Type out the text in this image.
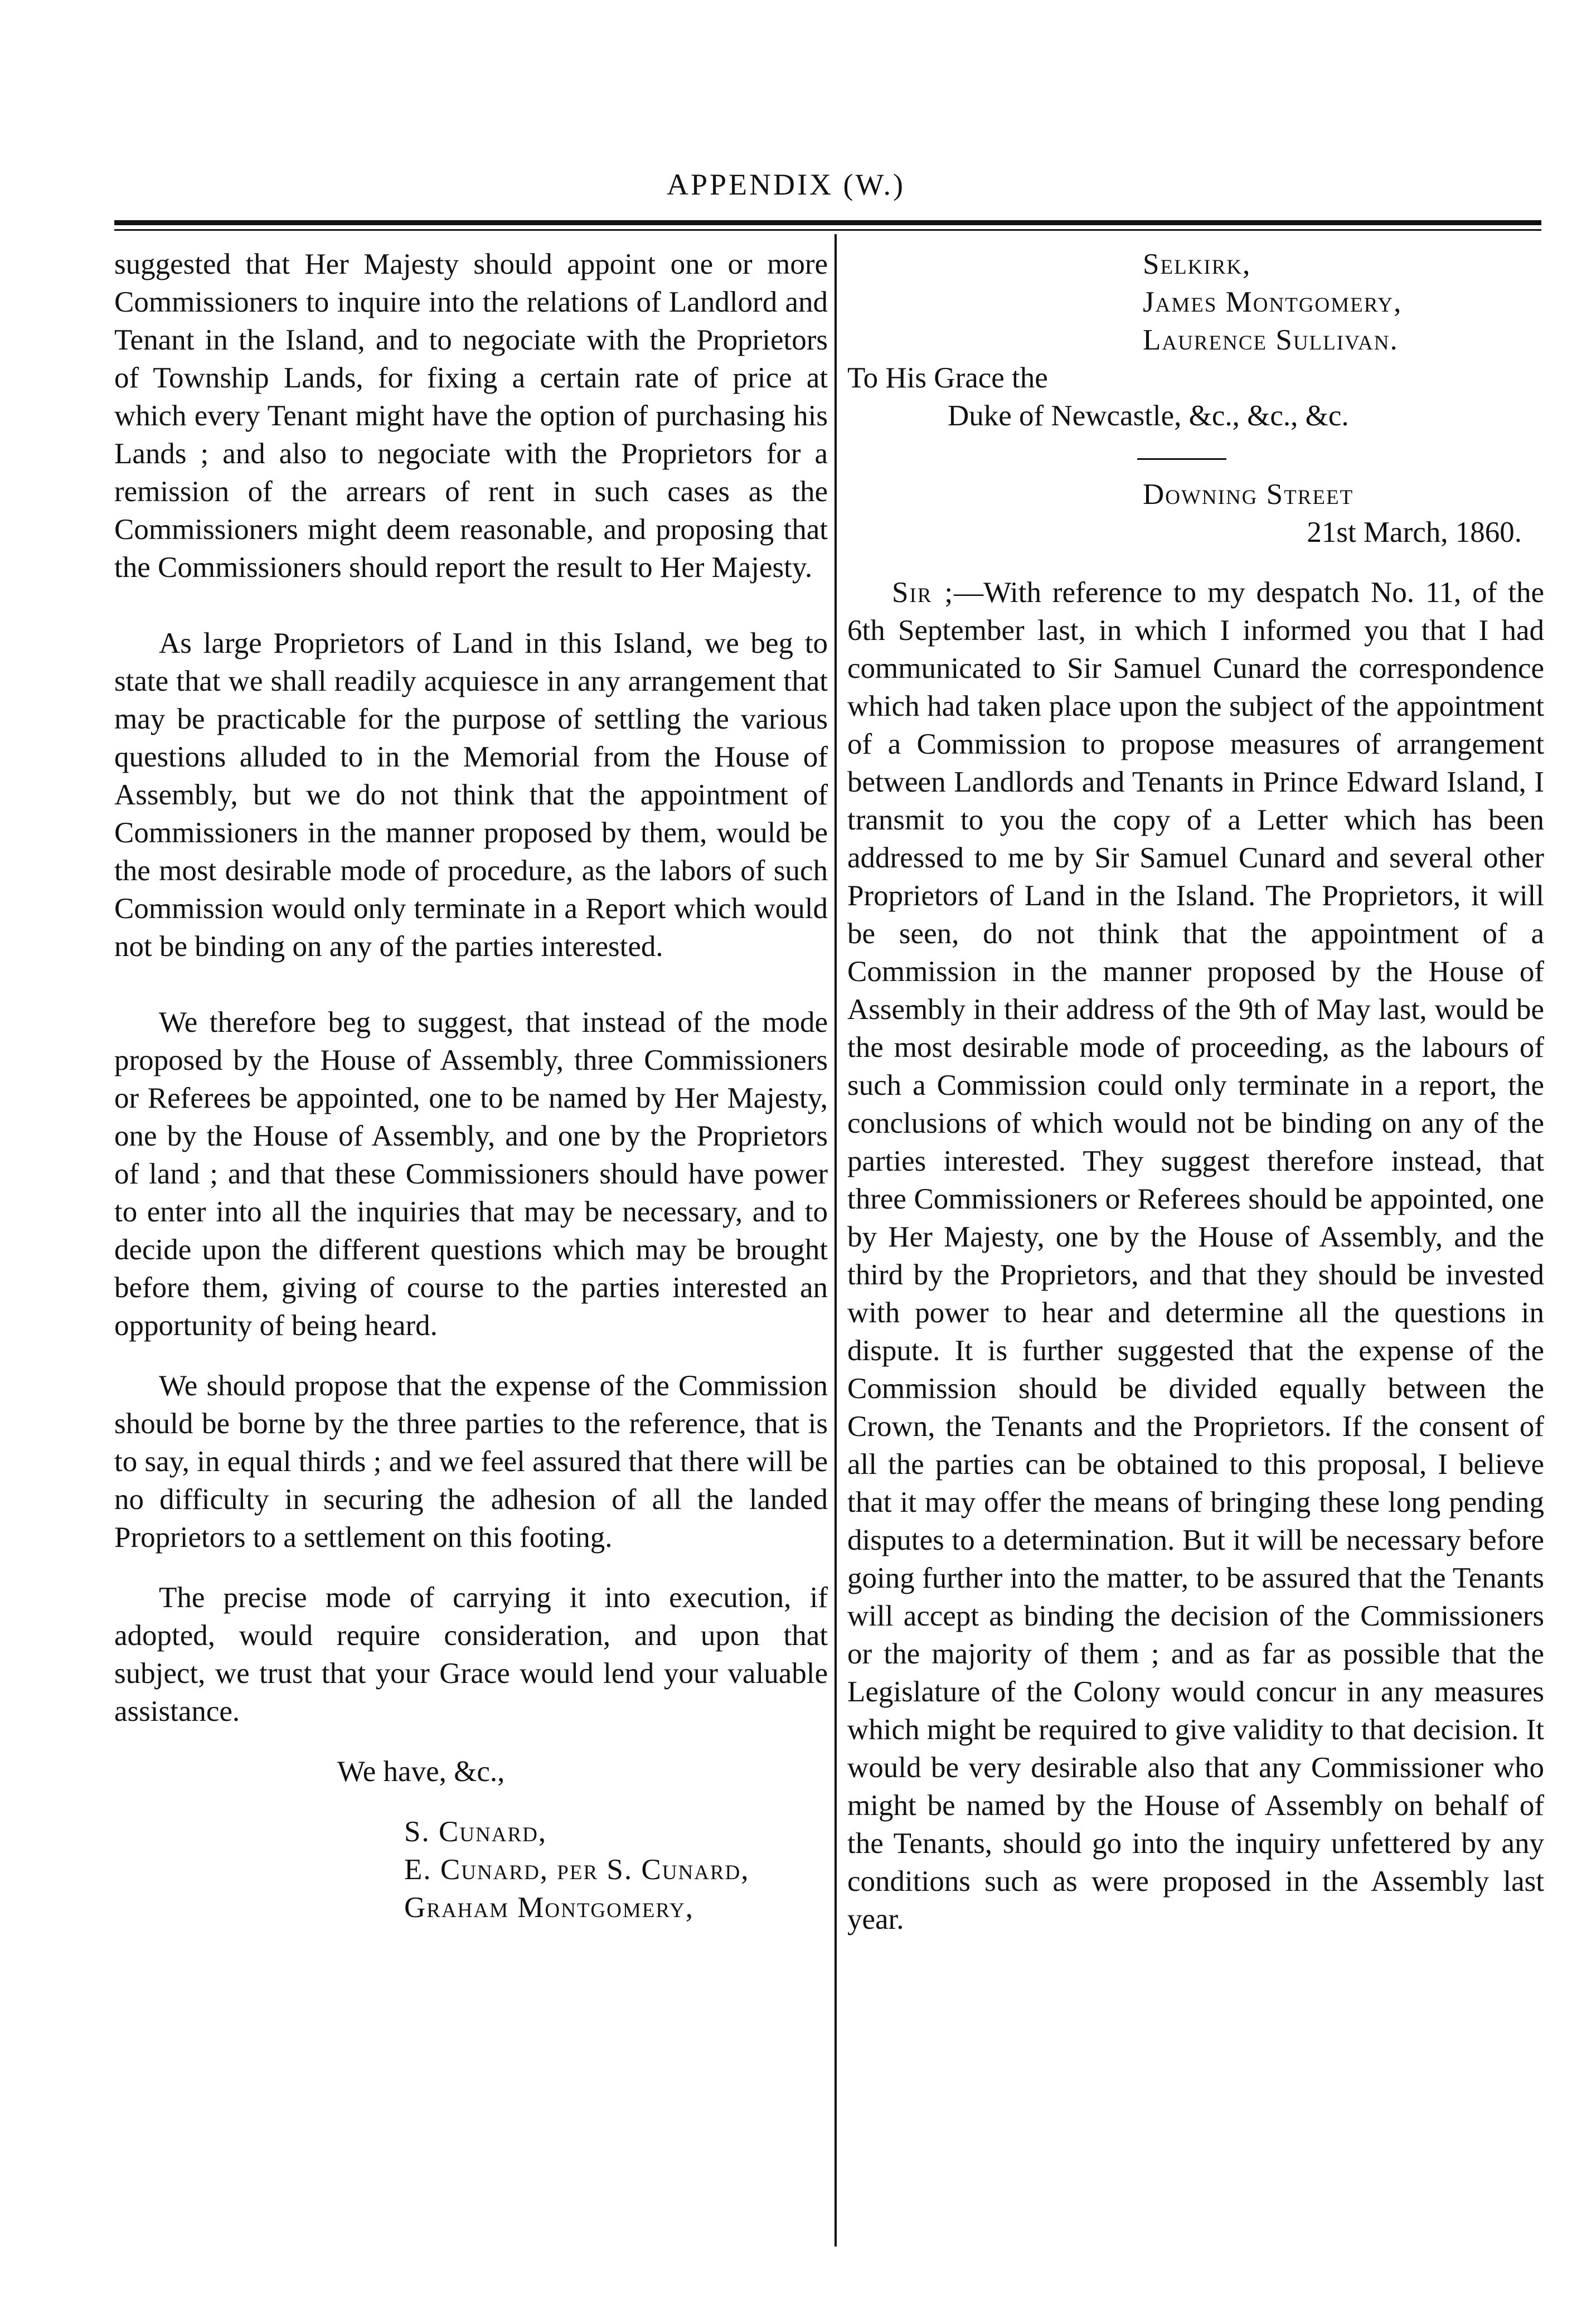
APPENDIX (W.)

suggested that Her Majesty should appoint one or more Commissioners to inquire into the relations of Landlord and Tenant in the Island, and to negociate with the Proprietors of Township Lands, for fixing a certain rate of price at which every Tenant might have the option of purchasing his Lands ; and also to negociate with the Proprietors for a remission of the arrears of rent in such cases as the Commissioners might deem reasonable, and proposing that the Commissioners should report the result to Her Majesty.

As large Proprietors of Land in this Island, we beg to state that we shall readily acquiesce in any arrangement that may be practicable for the purpose of settling the various questions alluded to in the Memorial from the House of Assembly, but we do not think that the appointment of Commissioners in the manner proposed by them, would be the most desirable mode of procedure, as the labors of such Commission would only terminate in a Report which would not be binding on any of the parties interested.

We therefore beg to suggest, that instead of the mode proposed by the House of Assembly, three Commissioners or Referees be appointed, one to be named by Her Majesty, one by the House of Assembly, and one by the Proprietors of land ; and that these Commissioners should have power to enter into all the inquiries that may be necessary, and to decide upon the different questions which may be brought before them, giving of course to the parties interested an opportunity of being heard.

We should propose that the expense of the Commission should be borne by the three parties to the reference, that is to say, in equal thirds ; and we feel assured that there will be no difficulty in securing the adhesion of all the landed Proprietors to a settlement on this footing.

The precise mode of carrying it into execution, if adopted, would require consideration, and upon that subject, we trust that your Grace would lend your valuable assistance.

We have, &c.,

S. Cunard,

E. Cunard, per S. Cunard,

Graham Montgomery,

Selkirk,

James Montgomery,

Laurence Sullivan.

To His Grace the

Duke of Newcastle, &c., &c., &c.

Downing Street

21st March, 1860.

Sir ;—With reference to my despatch No. 11, of the 6th September last, in which I informed you that I had communicated to Sir Samuel Cunard the correspondence which had taken place upon the subject of the appointment of a Commission to propose measures of arrangement between Landlords and Tenants in Prince Edward Island, I transmit to you the copy of a Letter which has been addressed to me by Sir Samuel Cunard and several other Proprietors of Land in the Island. The Proprietors, it will be seen, do not think that the appointment of a Commission in the manner proposed by the House of Assembly in their address of the 9th of May last, would be the most desirable mode of proceeding, as the labours of such a Commission could only terminate in a report, the conclusions of which would not be binding on any of the parties interested. They suggest therefore instead, that three Commissioners or Referees should be appointed, one by Her Majesty, one by the House of Assembly, and the third by the Proprietors, and that they should be invested with power to hear and determine all the questions in dispute. It is further suggested that the expense of the Commission should be divided equally between the Crown, the Tenants and the Proprietors. If the consent of all the parties can be obtained to this proposal, I believe that it may offer the means of bringing these long pending disputes to a determination. But it will be necessary before going further into the matter, to be assured that the Tenants will accept as binding the decision of the Commissioners or the majority of them ; and as far as possible that the Legislature of the Colony would concur in any measures which might be required to give validity to that decision. It would be very desirable also that any Commissioner who might be named by the House of Assembly on behalf of the Tenants, should go into the inquiry unfettered by any conditions such as were proposed in the Assembly last year.
